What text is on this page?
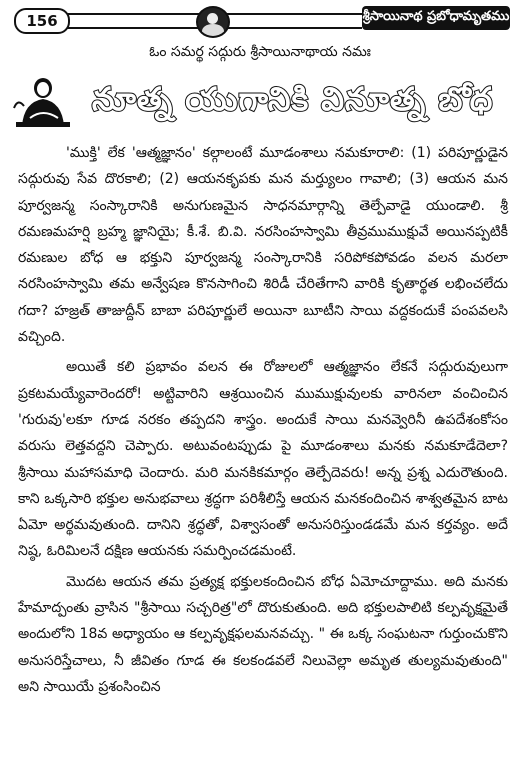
156	శ్రీసాయినాథ ప్రబోధామృతము
ఓం సమర్థ సద్గురు శ్రీసాయినాథాయ నమః
నూత్న యుగానికి వినూత్న బోధ

'ముక్తి' లేక 'ఆత్మజ్ఞానం' కల్గాలంటే మూడంశాలు నమకూరాలి: (1) పరిపూర్ణుడైన సద్గురువు సేవ దొరకాలి; (2) ఆయనకృపకు మన మర్త్యులం గావాలి; (3) ఆయన మన పూర్వజన్మ సంస్కారానికి అనుగుణమైన సాధనమార్గాన్ని తెల్పేవాడై యుండాలి. శ్రీ రమణమహర్షి బ్రహ్మ జ్ఞానియై; కీ.శే. బి.వి. నరసింహస్వామి తీవ్రముముక్షువే అయినప్పటికీ రమణుల బోధ ఆ భక్తుని పూర్వజన్మ సంస్కారానికి సరిపోకపోవడం వలన మరలా నరసింహస్వామి తమ అన్వేషణ కొనసాగించి శిరిడీ చేరితేగాని వారికి కృతార్థత లభించలేదు గదా? హజ్రత్ తాజుద్దీన్ బాబా పరిపూర్ణులే అయినా బూటీని సాయి వద్దకందుకే పంపవలసి వచ్చింది.

అయితే కలి ప్రభావం వలన ఈ రోజులలో ఆత్మజ్ఞానం లేకనే సద్గురువులుగా ప్రకటమయ్యేవారెందరో! అట్టివారిని ఆశ్రయించిన ముముక్షువులకు వారినలా వంచించిన 'గురువు'లకూ గూడ నరకం తప్పదని శాస్త్రం. అందుకే సాయి మనవ్వెరినీ ఉపదేశంకోసం వరుసు లెత్తవద్దని చెప్పారు. అటువంటప్పుడు పై మూడంశాలు మనకు నమకూడేదెలా? శ్రీసాయి మహాసమాధి చెందారు. మరి మనకికమార్గం తెల్పేదెవరు! అన్న ప్రశ్న ఎదురౌతుంది. కాని ఒక్కసారి భక్తుల అనుభవాలు శ్రద్ధగా పరిశీలిస్తే ఆయన మనకందించిన శాశ్వతమైన బాట ఏమో అర్థమవుతుంది. దానిని శ్రద్ధతో, విశ్వాసంతో అనుసరిస్తుండడమే మన కర్తవ్యం. అదే నిష్ఠ, ఓరిమిలనే దక్షిణ ఆయనకు సమర్పించడమంటే.

మొదట ఆయన తమ ప్రత్యక్ష భక్తులకందించిన బోధ ఏమోచూద్దాము. అది మనకు హేమాద్పంతు వ్రాసిన "శ్రీసాయి సచ్చరిత్ర"లో దొరుకుతుంది. అది భక్తులపాలిటి కల్పవృక్షమైతే అందులోని 18వ అధ్యాయం ఆ కల్పవృక్షఫలమనవచ్చు. " ఈ ఒక్క సంఘటనా గుర్తుంచుకొని అనుసరిస్తేచాలు, నీ జీవితం గూడ ఈ కలకండవలే నిలువెల్లా అమృత తుల్యమవుతుంది" అని సాయియే ప్రశంసించిన
